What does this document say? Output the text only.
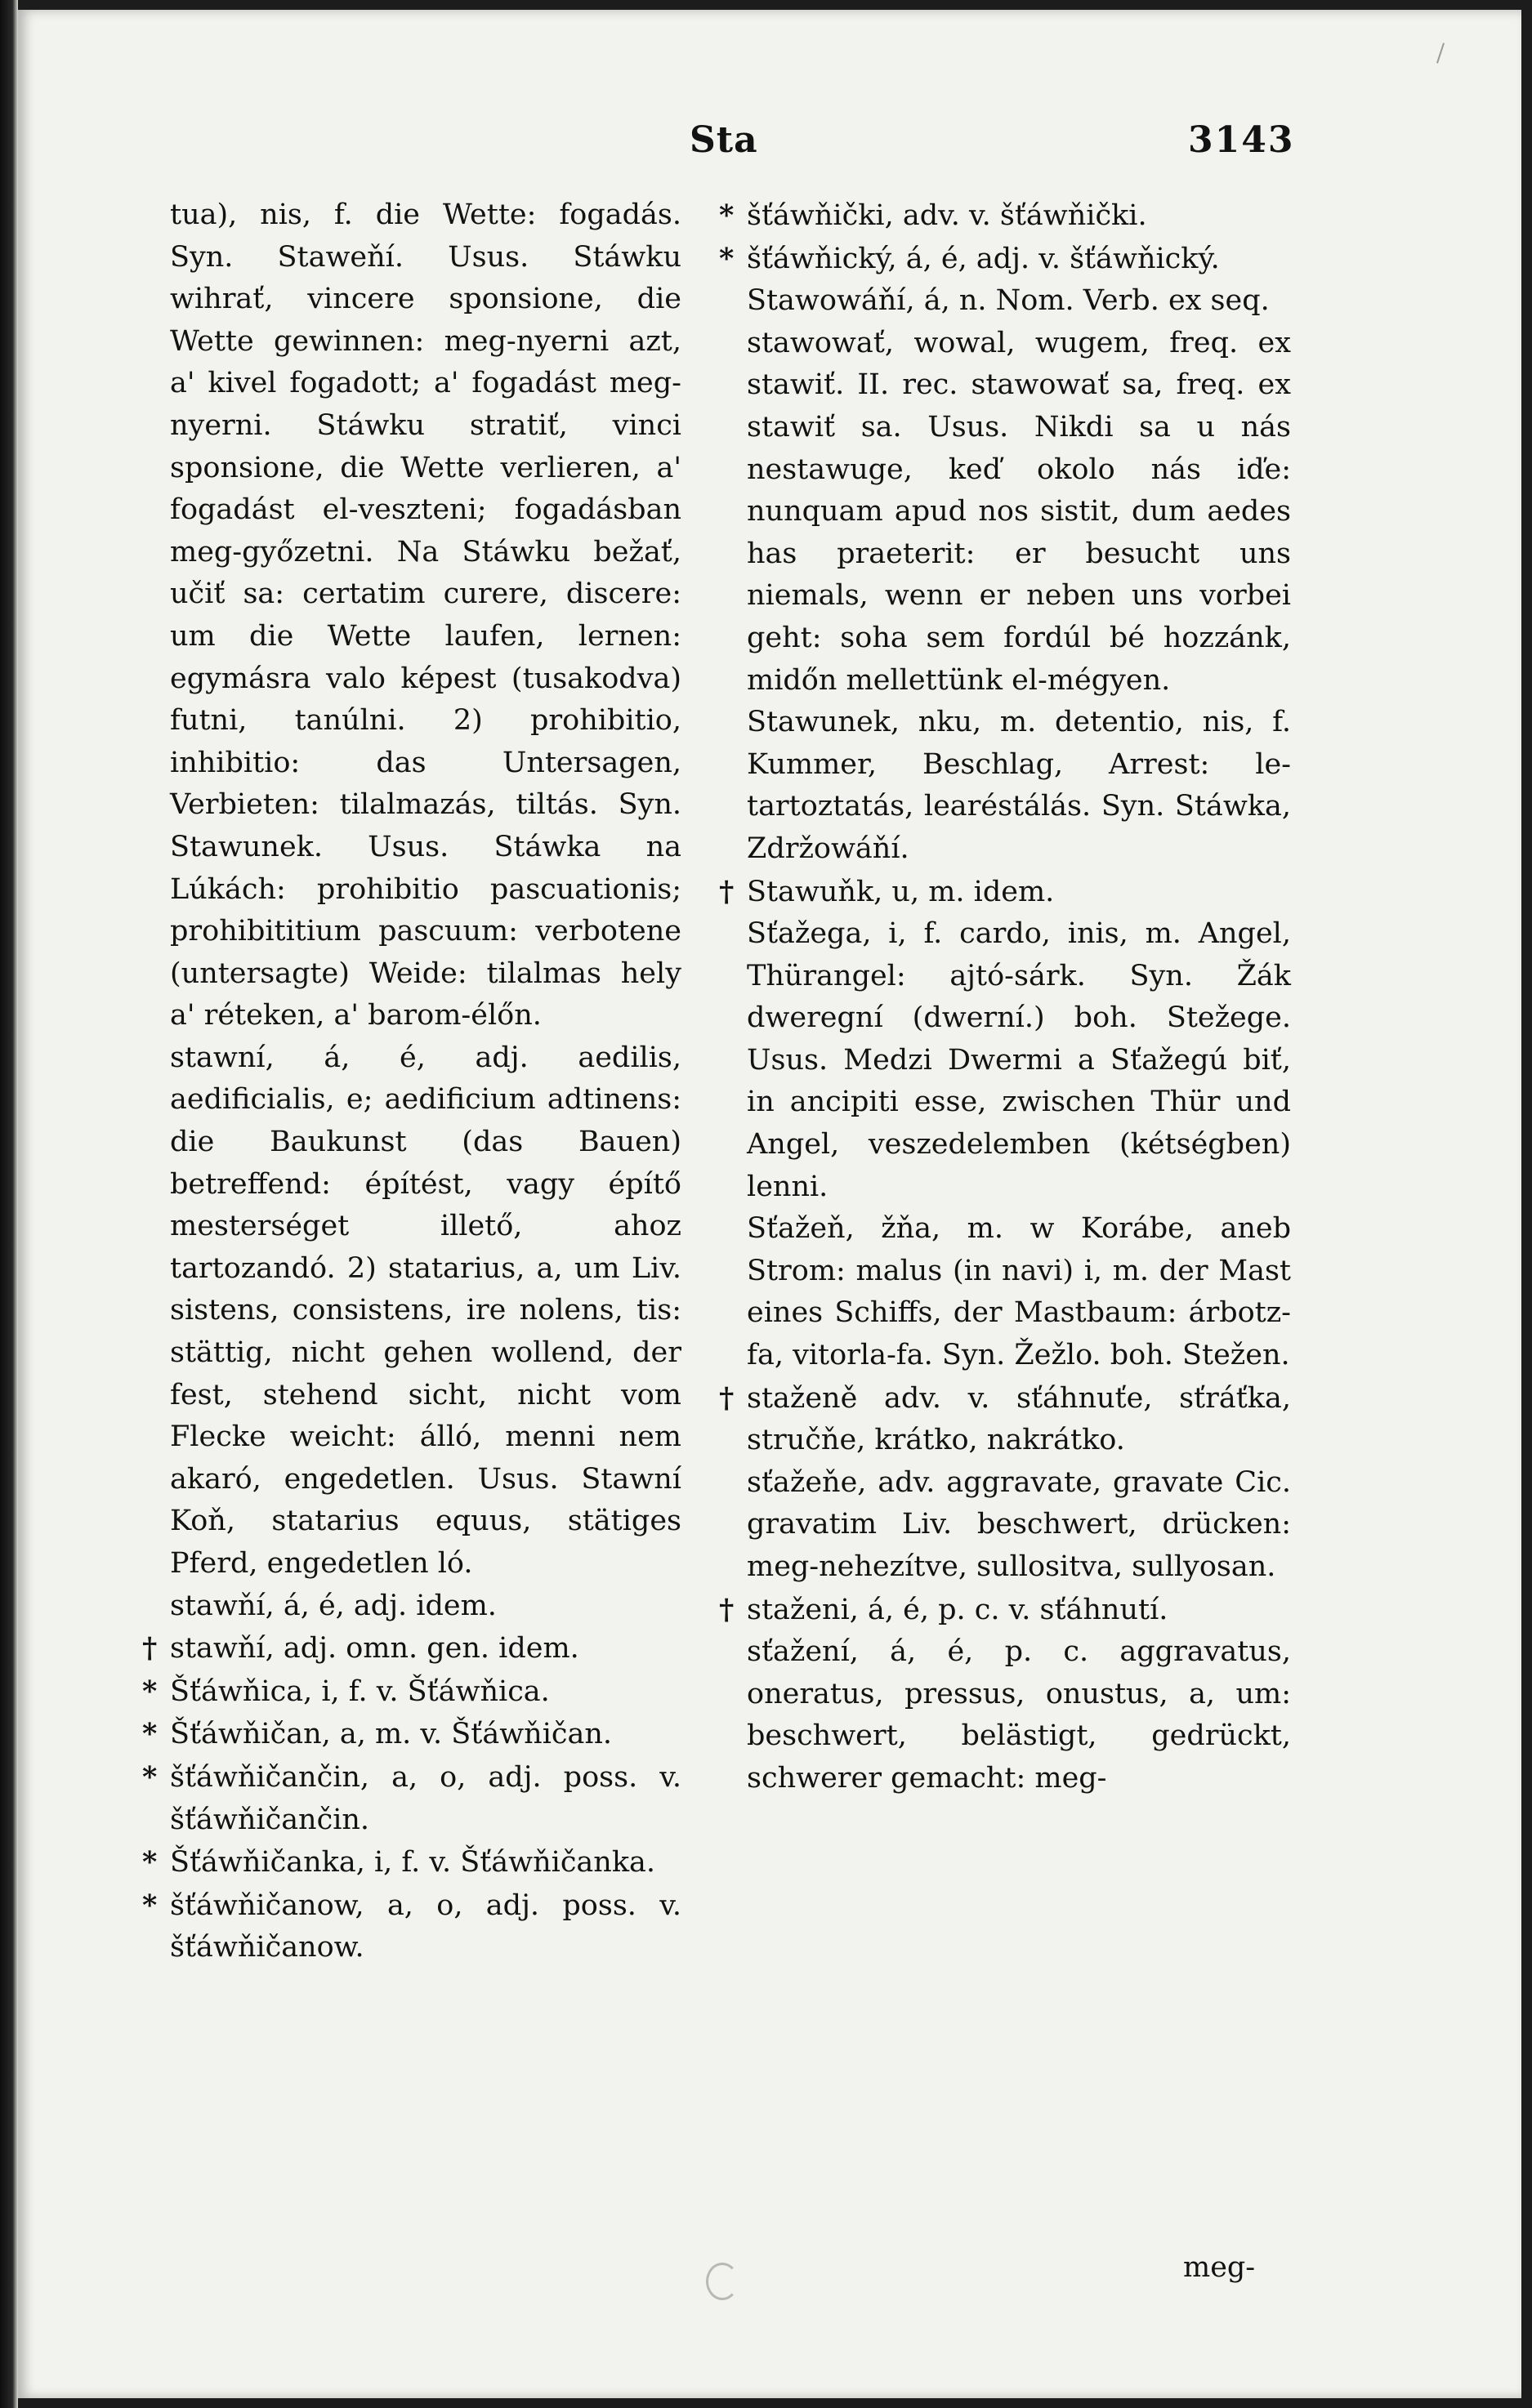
Sta	3143

tua), nis, f. die Wette: fogadás. Syn. Staweňí. Usus. Stáwku wihrať, vincere sponsione, die Wette gewinnen: meg-nyerni azt, a' kivel fogadott; a' fogadást meg-nyerni. Stáwku stratiť, vinci sponsione, die Wette verlieren, a' fogadást el-veszteni; fogadásban meg-győzetni. Na Stáwku bežať, učiť sa: certatim curere, discere: um die Wette laufen, lernen: egymásra valo képest (tusakodva) futni, tanúlni. 2) prohibitio, inhibitio: das Untersagen, Verbieten: tilalmazás, tiltás. Syn. Stawunek. Usus. Stáwka na Lúkách: prohibitio pascuationis; prohibititium pascuum: verbotene (untersagte) Weide: tilalmas hely a' réteken, a' barom-élőn.

stawní, á, é, adj. aedilis, aedificialis, e; aedificium adtinens: die Baukunst (das Bauen) betreffend: építést, vagy építő mesterséget illető, ahoz tartozandó. 2) statarius, a, um Liv. sistens, consistens, ire nolens, tis: stättig, nicht gehen wollend, der fest, stehend sicht, nicht vom Flecke weicht: álló, menni nem akaró, engedetlen. Usus. Stawní Koň, statarius equus, stätiges Pferd, engedetlen ló.

stawňí, á, é, adj. idem.

† stawňí, adj. omn. gen. idem.

* Šťáwňica, i, f. v. Šťáwňica.

* Šťáwňičan, a, m. v. Šťáwňičan.

* šťáwňičančin, a, o, adj. poss. v. šťáwňičančin.

* Šťáwňičanka, i, f. v. Šťáwňičanka.

* šťáwňičanow, a, o, adj. poss. v. šťáwňičanow.

* šťáwňički, adv. v. šťáwňički.

* šťáwňický, á, é, adj. v. šťáwňický.

Stawowáňí, á, n. Nom. Verb. ex seq.

stawowať, wowal, wugem, freq. ex stawiť. II. rec. stawowať sa, freq. ex stawiť sa. Usus. Nikdi sa u nás nestawuge, keď okolo nás iďe: nunquam apud nos sistit, dum aedes has praeterit: er besucht uns niemals, wenn er neben uns vorbei geht: soha sem fordúl bé hozzánk, midőn mellettünk el-mégyen.

Stawunek, nku, m. detentio, nis, f. Kummer, Beschlag, Arrest: le-tartoztatás, learéstálás. Syn. Stáwka, Zdržowáňí.

† Stawuňk, u, m. idem.

Sťažega, i, f. cardo, inis, m. Angel, Thürangel: ajtó-sárk. Syn. Žák dweregní (dwerní.) boh. Stežege. Usus. Medzi Dwermi a Sťažegú biť, in ancipiti esse, zwischen Thür und Angel, veszedelemben (kétségben) lenni.

Sťažeň, žňa, m. w Korábe, aneb Strom: malus (in navi) i, m. der Mast eines Schiffs, der Mastbaum: árbotz-fa, vitorla-fa. Syn. Žežlo. boh. Stežen.

† staženě adv. v. sťáhnuťe, sťráťka, stručňe, krátko, nakrátko.

sťažeňe, adv. aggravate, gravate Cic. gravatim Liv. beschwert, drücken: meg-nehezítve, sullositva, sullyosan.

† staženi, á, é, p. c. v. sťáhnutí.

sťažení, á, é, p. c. aggravatus, oneratus, pressus, onustus, a, um: beschwert, belästigt, gedrückt, schwerer gemacht: meg-

meg-
